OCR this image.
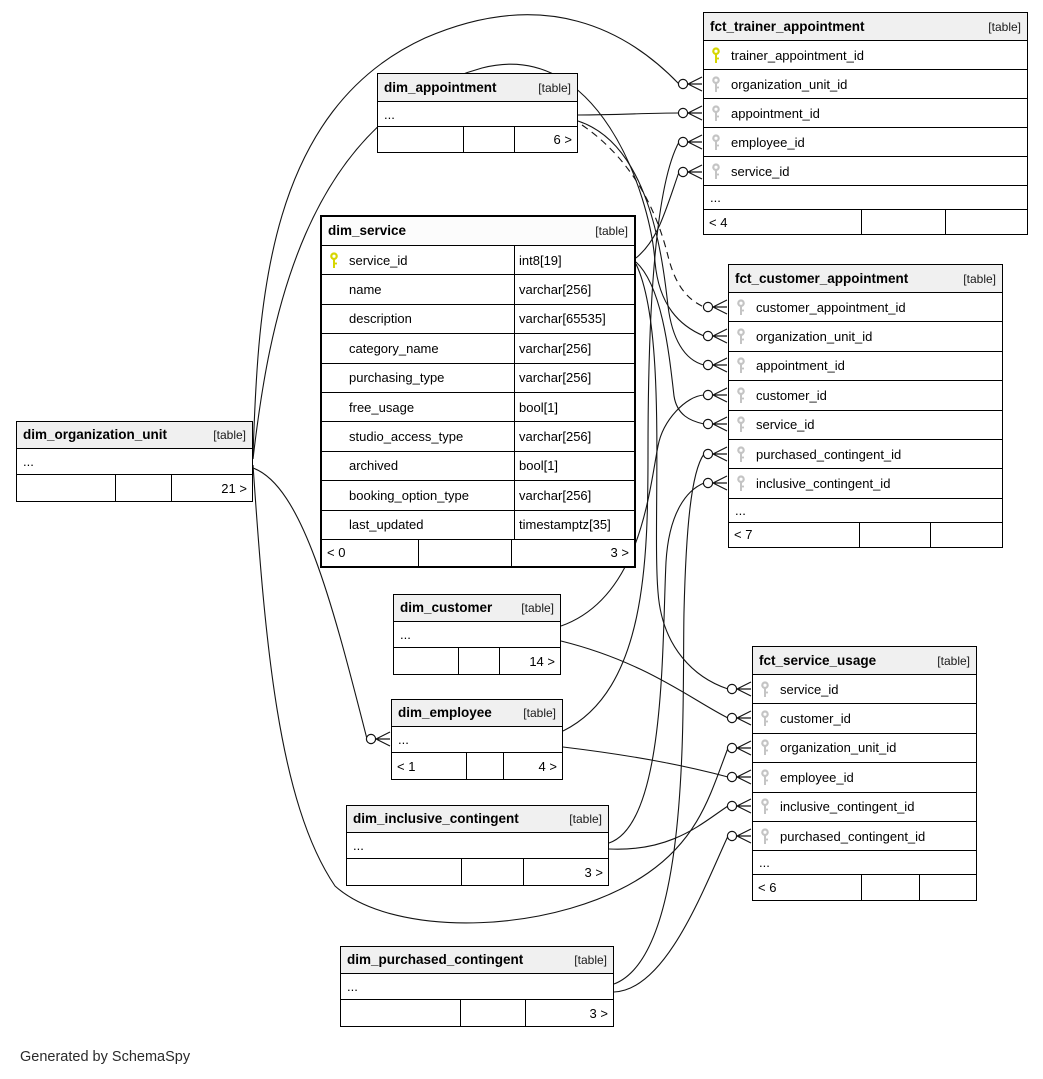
fct_trainer_appointment	[table]
trainer_appointment_id
organization_unit_id
appointment_id
employee_id
service_id
...
< 4
dim_appointment	[table]
...
6 >
dim_service	[table]
service_id	int8[19]
name	varchar[256]
description	varchar[65535]
category_name	varchar[256]
purchasing_type	varchar[256]
free_usage	bool[1]
studio_access_type	varchar[256]
archived	bool[1]
booking_option_type	varchar[256]
last_updated	timestamptz[35]
< 0	3 >
fct_customer_appointment	[table]
customer_appointment_id
organization_unit_id
appointment_id
customer_id
service_id
purchased_contingent_id
inclusive_contingent_id
...
< 7
dim_organization_unit	[table]
...
21 >
dim_customer [table]
...
14 >
dim_employee	[table]
...
< 1	4 >
fct_service_usage	[table]
service_id
customer_id
organization_unit_id
employee_id
inclusive_contingent_id
purchased_contingent_id
...
< 6
dim_inclusive_contingent	[table]
...
3 >
dim_purchased_contingent	[table]
...
3 >
Generated by SchemaSpy
